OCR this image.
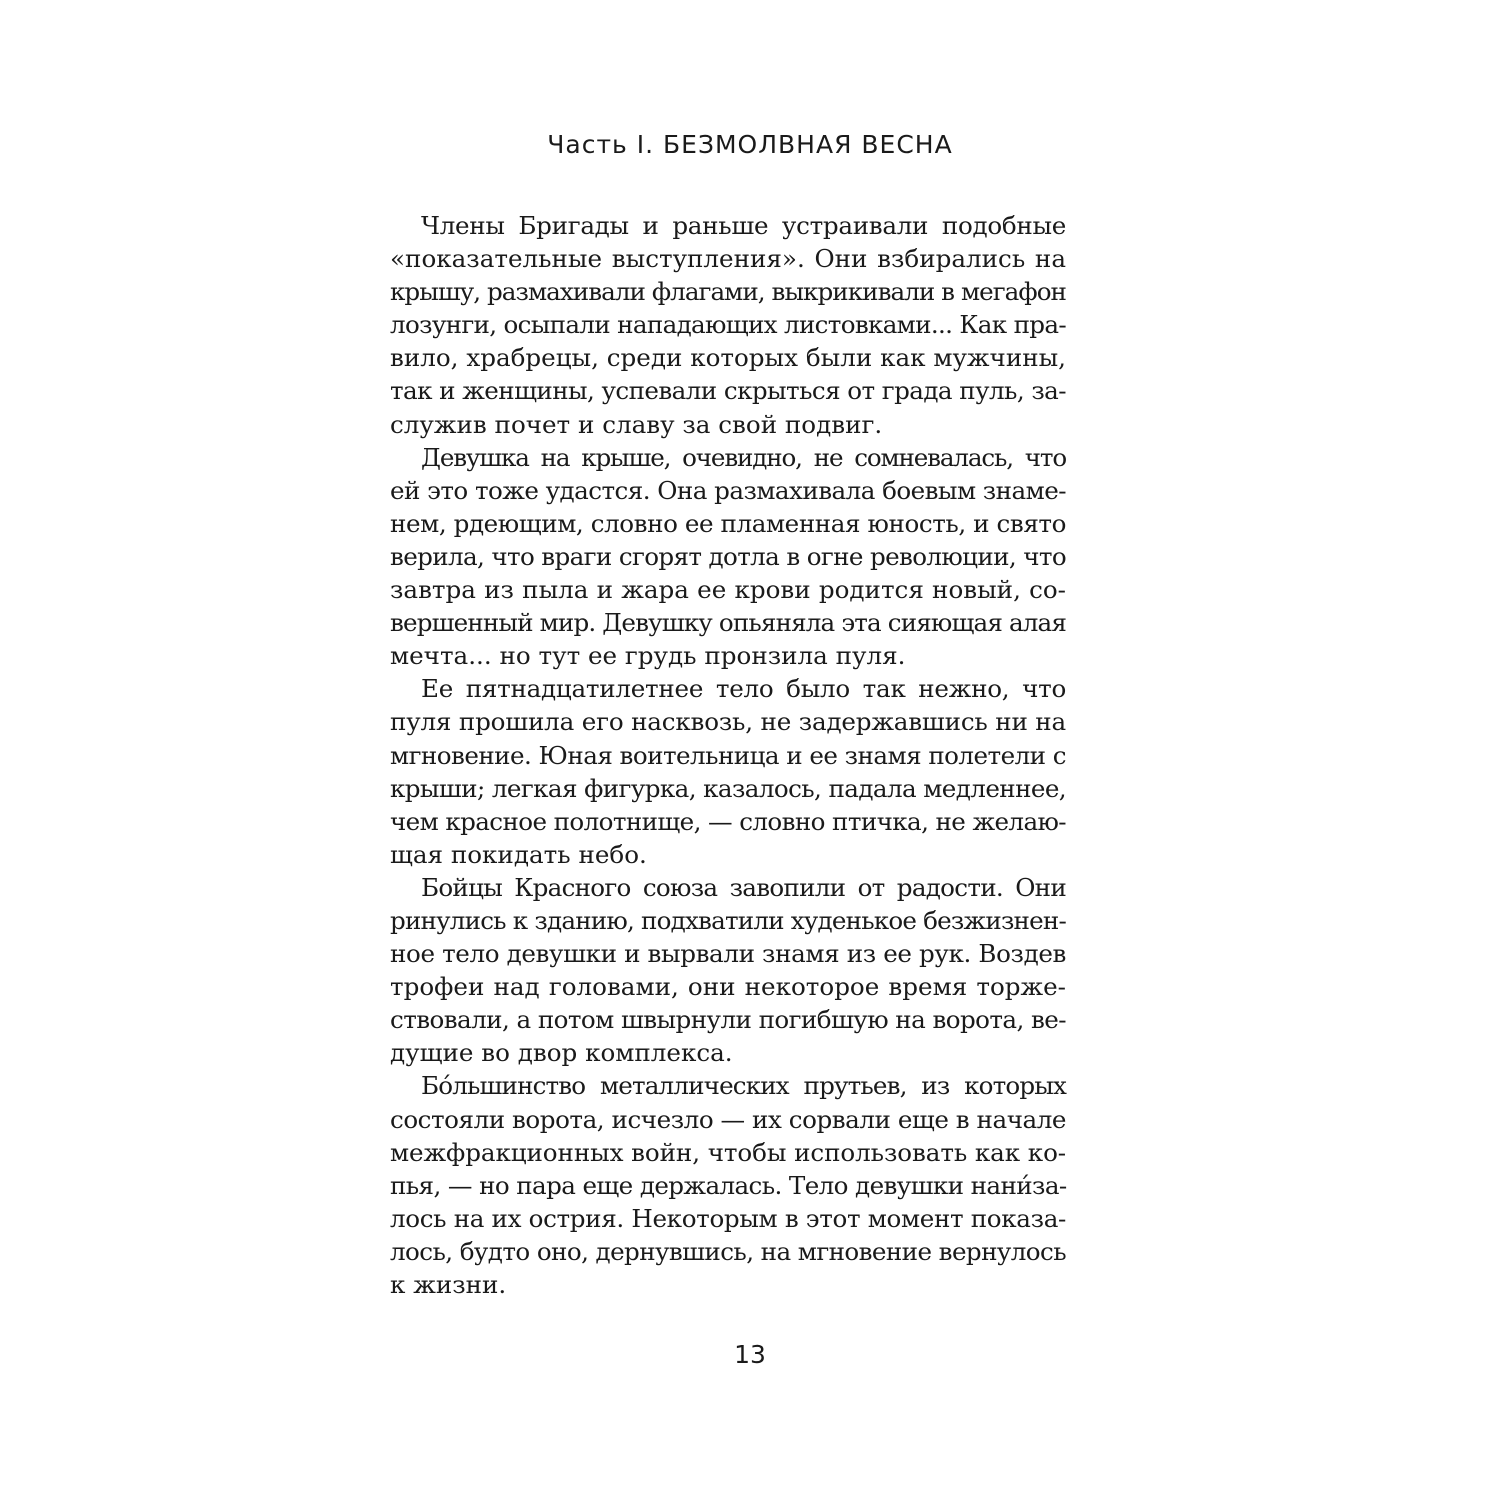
Часть I. БЕЗМОЛВНАЯ ВЕСНА

Члены Бригады и раньше устраивали подобные
«показательные выступления». Они взбирались на
крышу, размахивали флагами, выкрикивали в мегафон
лозунги, осыпали нападающих листовками... Как пра-
вило, храбрецы, среди которых были как мужчины,
так и женщины, успевали скрыться от града пуль, за-
служив почет и славу за свой подвиг.

Девушка на крыше, очевидно, не сомневалась, что
ей это тоже удастся. Она размахивала боевым знаме-
нем, рдеющим, словно ее пламенная юность, и свято
верила, что враги сгорят дотла в огне революции, что
завтра из пыла и жара ее крови родится новый, со-
вершенный мир. Девушку опьяняла эта сияющая алая
мечта... но тут ее грудь пронзила пуля.

Ее пятнадцатилетнее тело было так нежно, что
пуля прошила его насквозь, не задержавшись ни на
мгновение. Юная воительница и ее знамя полетели с
крыши; легкая фигурка, казалось, падала медленнее,
чем красное полотнище, — словно птичка, не желаю-
щая покидать небо.

Бойцы Красного союза завопили от радости. Они
ринулись к зданию, подхватили худенькое безжизнен-
ное тело девушки и вырвали знамя из ее рук. Воздев
трофеи над головами, они некоторое время торже-
ствовали, а потом швырнули погибшую на ворота, ве-
дущие во двор комплекса.

Бóльшинство металлических прутьев, из которых
состояли ворота, исчезло — их сорвали еще в начале
межфракционных войн, чтобы использовать как ко-
пья, — но пара еще держалась. Тело девушки нани́за-
лось на их острия. Некоторым в этот момент показа-
лось, будто оно, дернувшись, на мгновение вернулось
к жизни.

13
